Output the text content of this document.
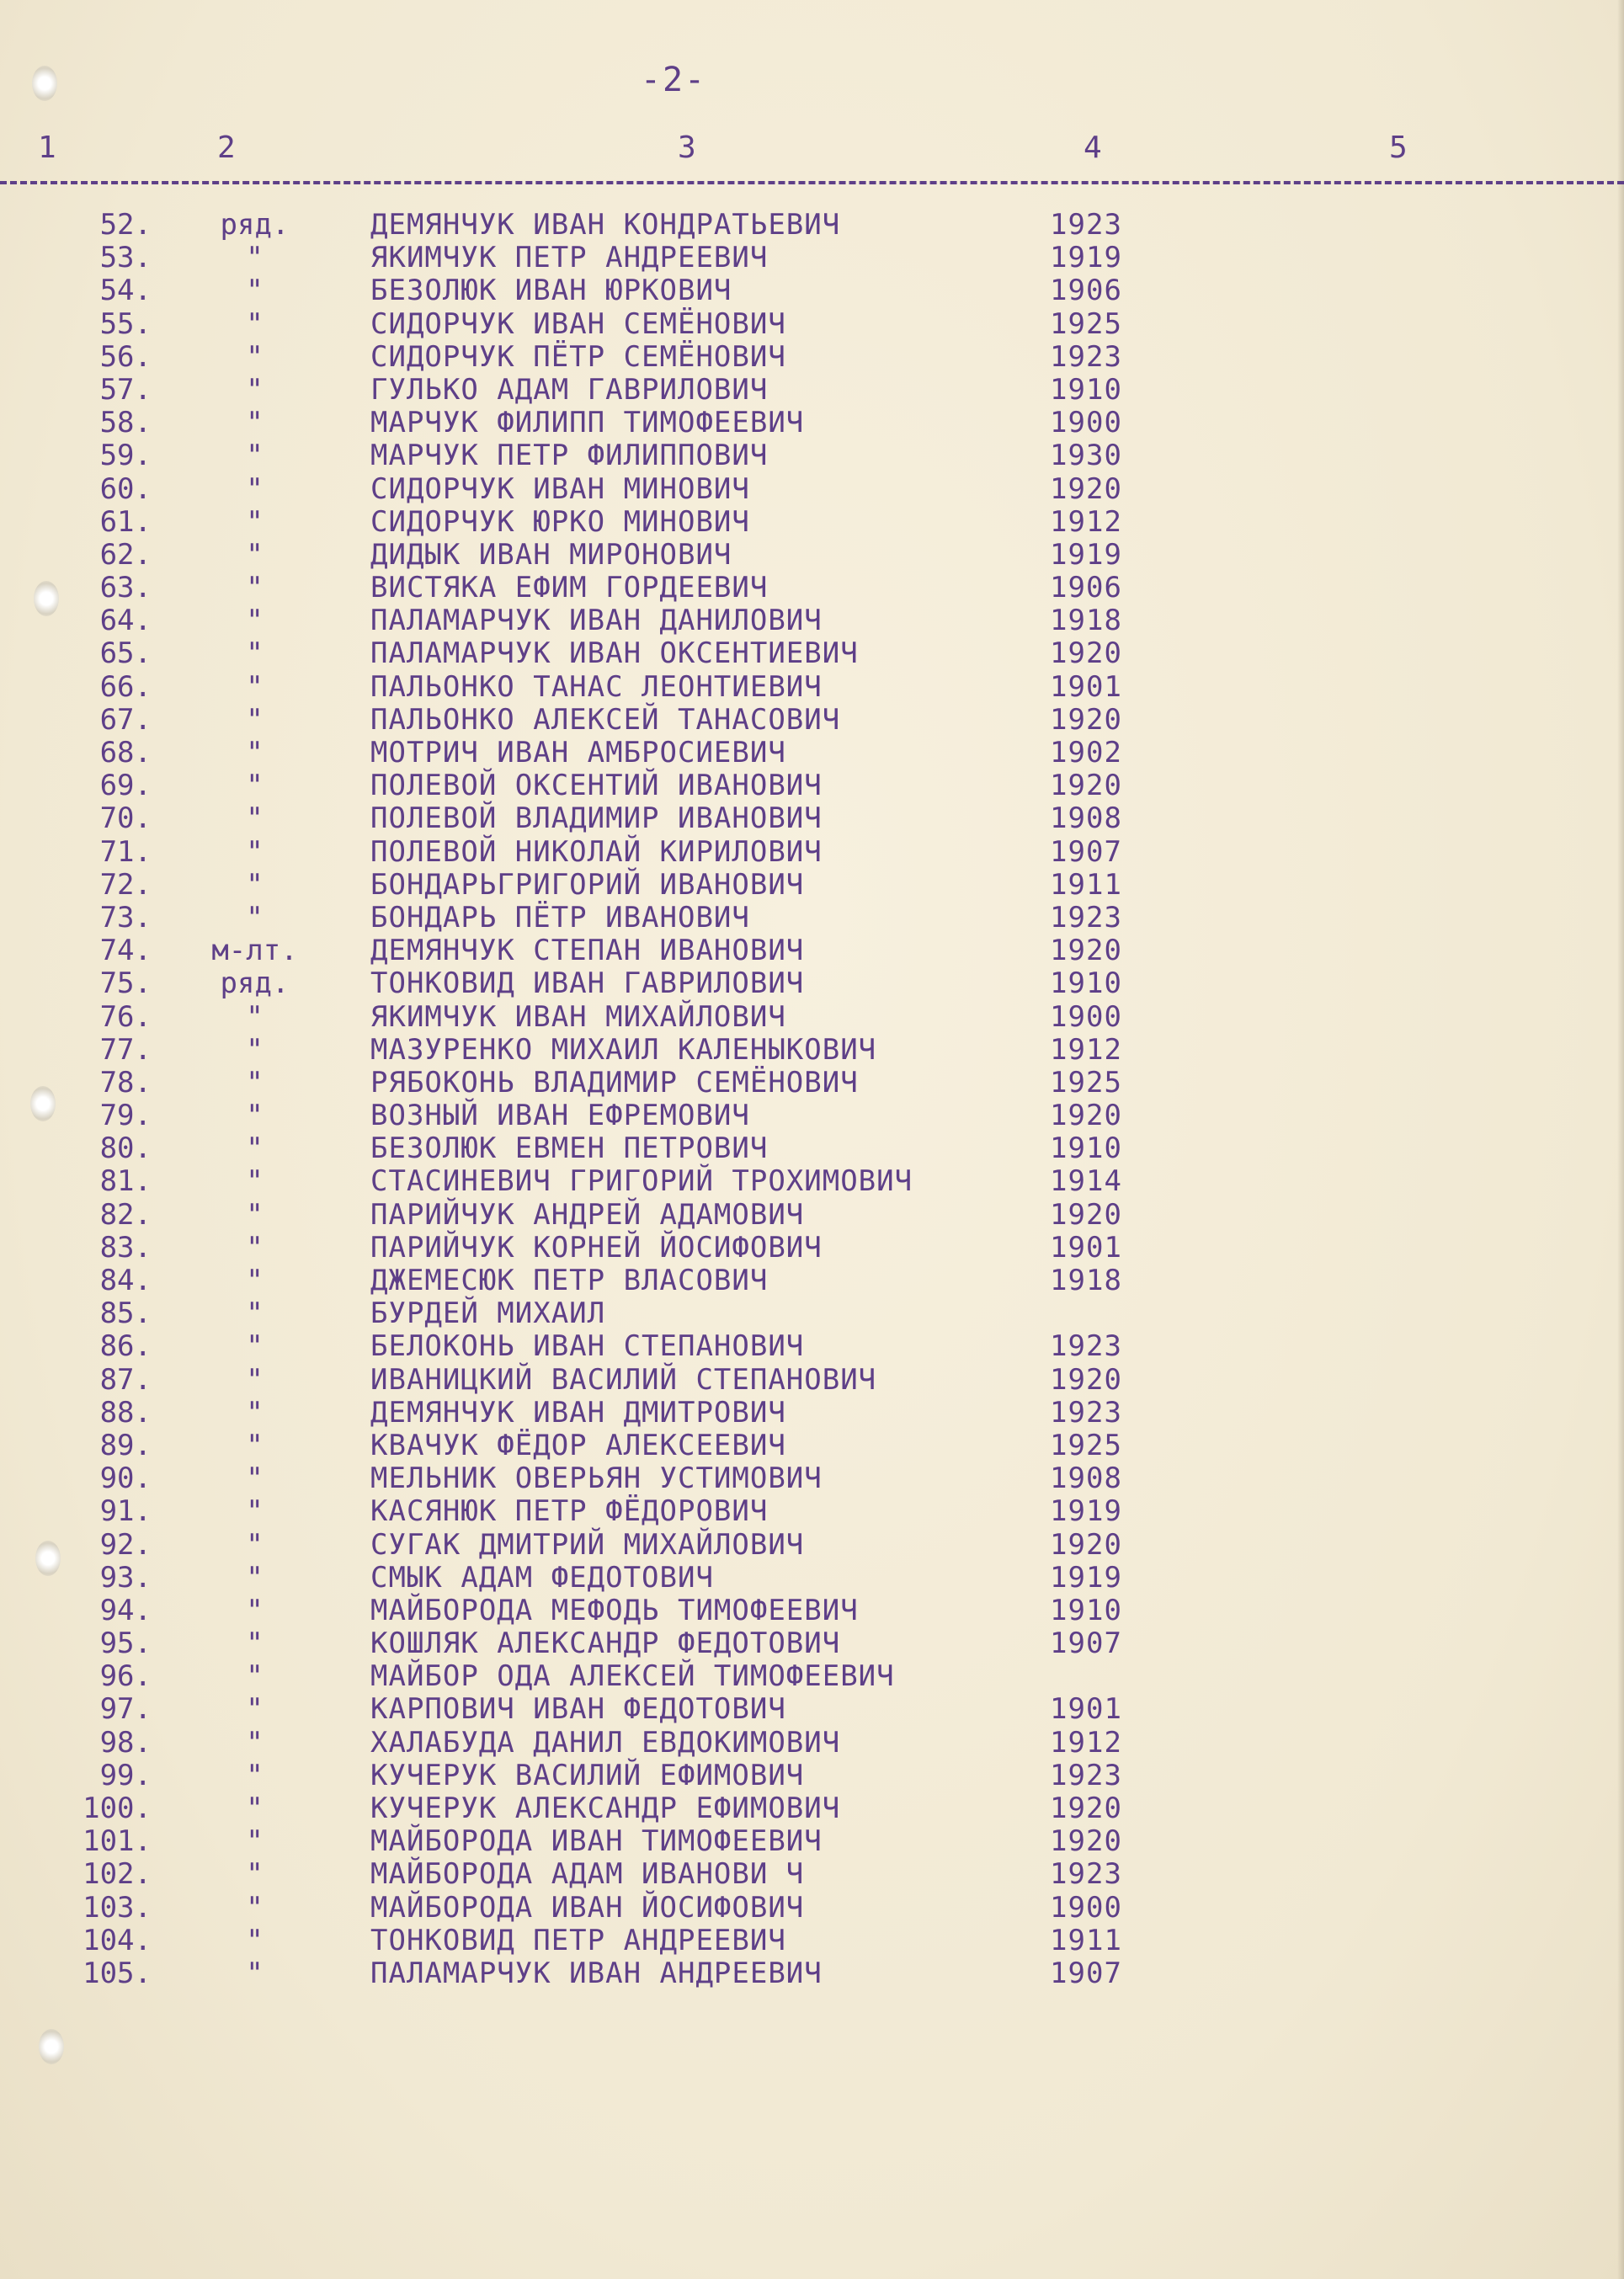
-2-
1	2	3	4	5
52.	ряд.	ДЕМЯНЧУК ИВАН КОНДРАТЬЕВИЧ	1923
53.	"	ЯКИМЧУК ПЕТР АНДРЕЕВИЧ	1919
54.	"	БЕЗОЛЮК ИВАН ЮРКОВИЧ	1906
55.	"	СИДОРЧУК ИВАН СЕМЁНОВИЧ	1925
56.	"	СИДОРЧУК ПЁТР СЕМЁНОВИЧ	1923
57.	"	ГУЛЬКО АДАМ ГАВРИЛОВИЧ	1910
58.	"	МАРЧУК ФИЛИПП ТИМОФЕЕВИЧ	1900
59.	"	МАРЧУК ПЕТР ФИЛИППОВИЧ	1930
60.	"	СИДОРЧУК ИВАН МИНОВИЧ	1920
61.	"	СИДОРЧУК ЮРКО МИНОВИЧ	1912
62.	"	ДИДЫК ИВАН МИРОНОВИЧ	1919
63.	"	ВИСТЯКА ЕФИМ ГОРДЕЕВИЧ	1906
64.	"	ПАЛАМАРЧУК ИВАН ДАНИЛОВИЧ	1918
65.	"	ПАЛАМАРЧУК ИВАН ОКСЕНТИЕВИЧ	1920
66.	"	ПАЛЬОНКО ТАНАС ЛЕОНТИЕВИЧ	1901
67.	"	ПАЛЬОНКО АЛЕКСЕЙ ТАНАСОВИЧ	1920
68.	"	МОТРИЧ ИВАН АМБРОСИЕВИЧ	1902
69.	"	ПОЛЕВОЙ ОКСЕНТИЙ ИВАНОВИЧ	1920
70.	"	ПОЛЕВОЙ ВЛАДИМИР ИВАНОВИЧ	1908
71.	"	ПОЛЕВОЙ НИКОЛАЙ КИРИЛОВИЧ	1907
72.	"	БОНДАРЬГРИГОРИЙ ИВАНОВИЧ	1911
73.	"	БОНДАРЬ ПЁТР ИВАНОВИЧ	1923
74.	м-лт.	ДЕМЯНЧУК СТЕПАН ИВАНОВИЧ	1920
75.	ряд.	ТОНКОВИД ИВАН ГАВРИЛОВИЧ	1910
76.	"	ЯКИМЧУК ИВАН МИХАЙЛОВИЧ	1900
77.	"	МАЗУРЕНКО МИХАИЛ КАЛЕНЫКОВИЧ	1912
78.	"	РЯБОКОНЬ ВЛАДИМИР СЕМЁНОВИЧ	1925
79.	"	ВОЗНЫЙ ИВАН ЕФРЕМОВИЧ	1920
80.	"	БЕЗОЛЮК ЕВМЕН ПЕТРОВИЧ	1910
81.	"	СТАСИНЕВИЧ ГРИГОРИЙ ТРОХИМОВИЧ	1914
82.	"	ПАРИЙЧУК АНДРЕЙ АДАМОВИЧ	1920
83.	"	ПАРИЙЧУК КОРНЕЙ ЙОСИФОВИЧ	1901
84.	"	ДЖЕМЕСЮК ПЕТР ВЛАСОВИЧ	1918
85.	"	БУРДЕЙ МИХАИЛ
86.	"	БЕЛОКОНЬ ИВАН СТЕПАНОВИЧ	1923
87.	"	ИВАНИЦКИЙ ВАСИЛИЙ СТЕПАНОВИЧ	1920
88.	"	ДЕМЯНЧУК ИВАН ДМИТРОВИЧ	1923
89.	"	КВАЧУК ФЁДОР АЛЕКСЕЕВИЧ	1925
90.	"	МЕЛЬНИК ОВЕРЬЯН УСТИМОВИЧ	1908
91.	"	КАСЯНЮК ПЕТР ФЁДОРОВИЧ	1919
92.	"	СУГАК ДМИТРИЙ МИХАЙЛОВИЧ	1920
93.	"	СМЫК АДАМ ФЕДОТОВИЧ	1919
94.	"	МАЙБОРОДА МЕФОДЬ ТИМОФЕЕВИЧ	1910
95.	"	КОШЛЯК АЛЕКСАНДР ФЕДОТОВИЧ	1907
96.	"	МАЙБОР ОДА АЛЕКСЕЙ ТИМОФЕЕВИЧ
97.	"	КАРПОВИЧ ИВАН ФЕДОТОВИЧ	1901
98.	"	ХАЛАБУДА ДАНИЛ ЕВДОКИМОВИЧ	1912
99.	"	КУЧЕРУК ВАСИЛИЙ ЕФИМОВИЧ	1923
100.	"	КУЧЕРУК АЛЕКСАНДР ЕФИМОВИЧ	1920
101.	"	МАЙБОРОДА ИВАН ТИМОФЕЕВИЧ	1920
102.	"	МАЙБОРОДА АДАМ ИВАНОВИ Ч	1923
103.	"	МАЙБОРОДА ИВАН ЙОСИФОВИЧ	1900
104.	"	ТОНКОВИД ПЕТР АНДРЕЕВИЧ	1911
105.	"	ПАЛАМАРЧУК ИВАН АНДРЕЕВИЧ	1907
